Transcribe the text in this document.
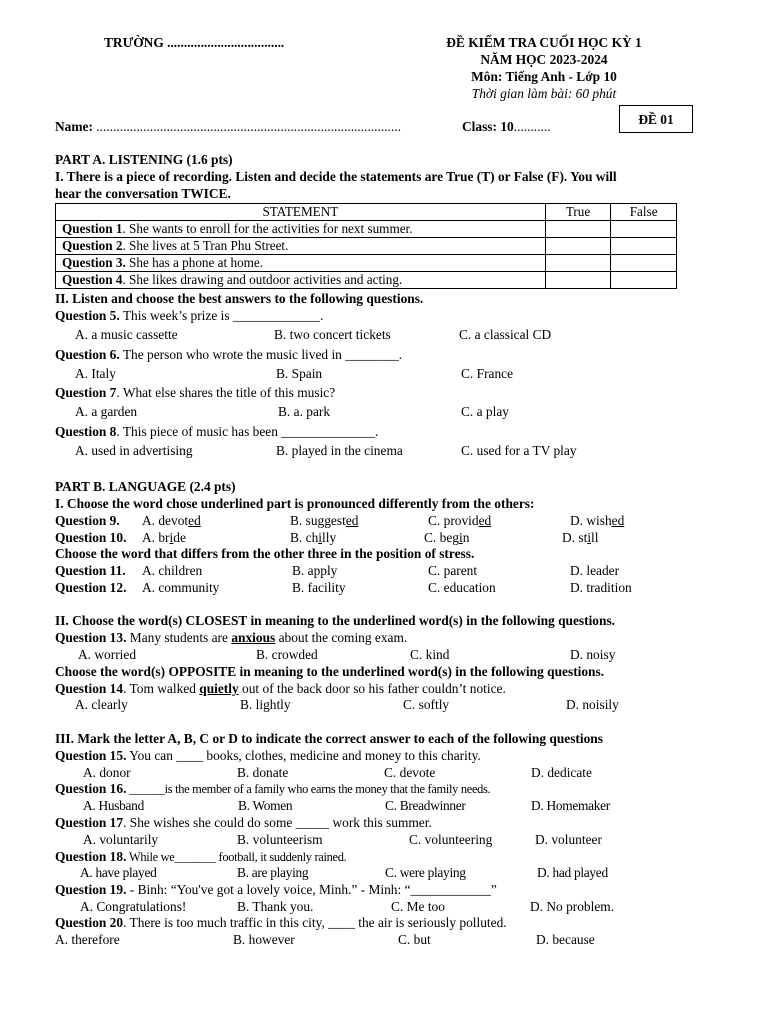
TRƯỜNG ...................................	ĐỀ KIỂM TRA CUỐI HỌC KỲ 1
NĂM HỌC 2023-2024
Môn: Tiếng Anh - Lớp 10
Thời gian làm bài: 60 phút
ĐỀ 01
Name: ...........................................................................................	Class: 10...........
PART A. LISTENING (1.6 pts)
I. There is a piece of recording. Listen and decide the statements are True (T) or False (F). You will
hear the conversation TWICE.
STATEMENT	True	False
Question 1. She wants to enroll for the activities for next summer.		
Question 2. She lives at 5 Tran Phu Street.		
Question 3. She has a phone at home.		
Question 4. She likes drawing and outdoor activities and acting.		
II. Listen and choose the best answers to the following questions.
Question 5. This week’s prize is _____________.
A. a music cassette	B. two concert tickets	C. a classical CD
Question 6. The person who wrote the music lived in ________.
A. Italy	B. Spain	C. France
Question 7. What else shares the title of this music?
A. a garden	B. a. park	C. a play
Question 8. This piece of music has been ______________.
A. used in advertising	B. played in the cinema	C. used for a TV play
PART B. LANGUAGE (2.4 pts)
I. Choose the word chose underlined part is pronounced differently from the others:
Question 9. A. devoted	B. suggested	C. provided	D. wished
Question 10. A. bride	B. chilly	C. begin	D. still
Choose the word that differs from the other three in the position of stress.
Question 11. A. children	B. apply	C. parent	D. leader
Question 12. A. community	B. facility	C. education	D. tradition
II. Choose the word(s) CLOSEST in meaning to the underlined word(s) in the following questions.
Question 13. Many students are anxious about the coming exam.
A. worried	B. crowded	C. kind	D. noisy
Choose the word(s) OPPOSITE in meaning to the underlined word(s) in the following questions.
Question 14. Tom walked quietly out of the back door so his father couldn’t notice.
A. clearly	B. lightly	C. softly	D. noisily
III. Mark the letter A, B, C or D to indicate the correct answer to each of the following questions
Question 15. You can ____ books, clothes, medicine and money to this charity.
A. donor	B. donate	C. devote	D. dedicate
Question 16. ______is the member of a family who earns the money that the family needs.
A. Husband	B. Women	C. Breadwinner	D. Homemaker
Question 17. She wishes she could do some _____ work this summer.
A. voluntarily	B. volunteerism	C. volunteering	D. volunteer
Question 18. While we_______ football, it suddenly rained.
A. have played	B. are playing	C. were playing	D. had played
Question 19. - Binh: “You've got a lovely voice, Minh.” - Minh: “____________”
A. Congratulations!	B. Thank you.	C. Me too	D. No problem.
Question 20. There is too much traffic in this city, ____ the air is seriously polluted.
A. therefore	B. however	C. but	D. because
